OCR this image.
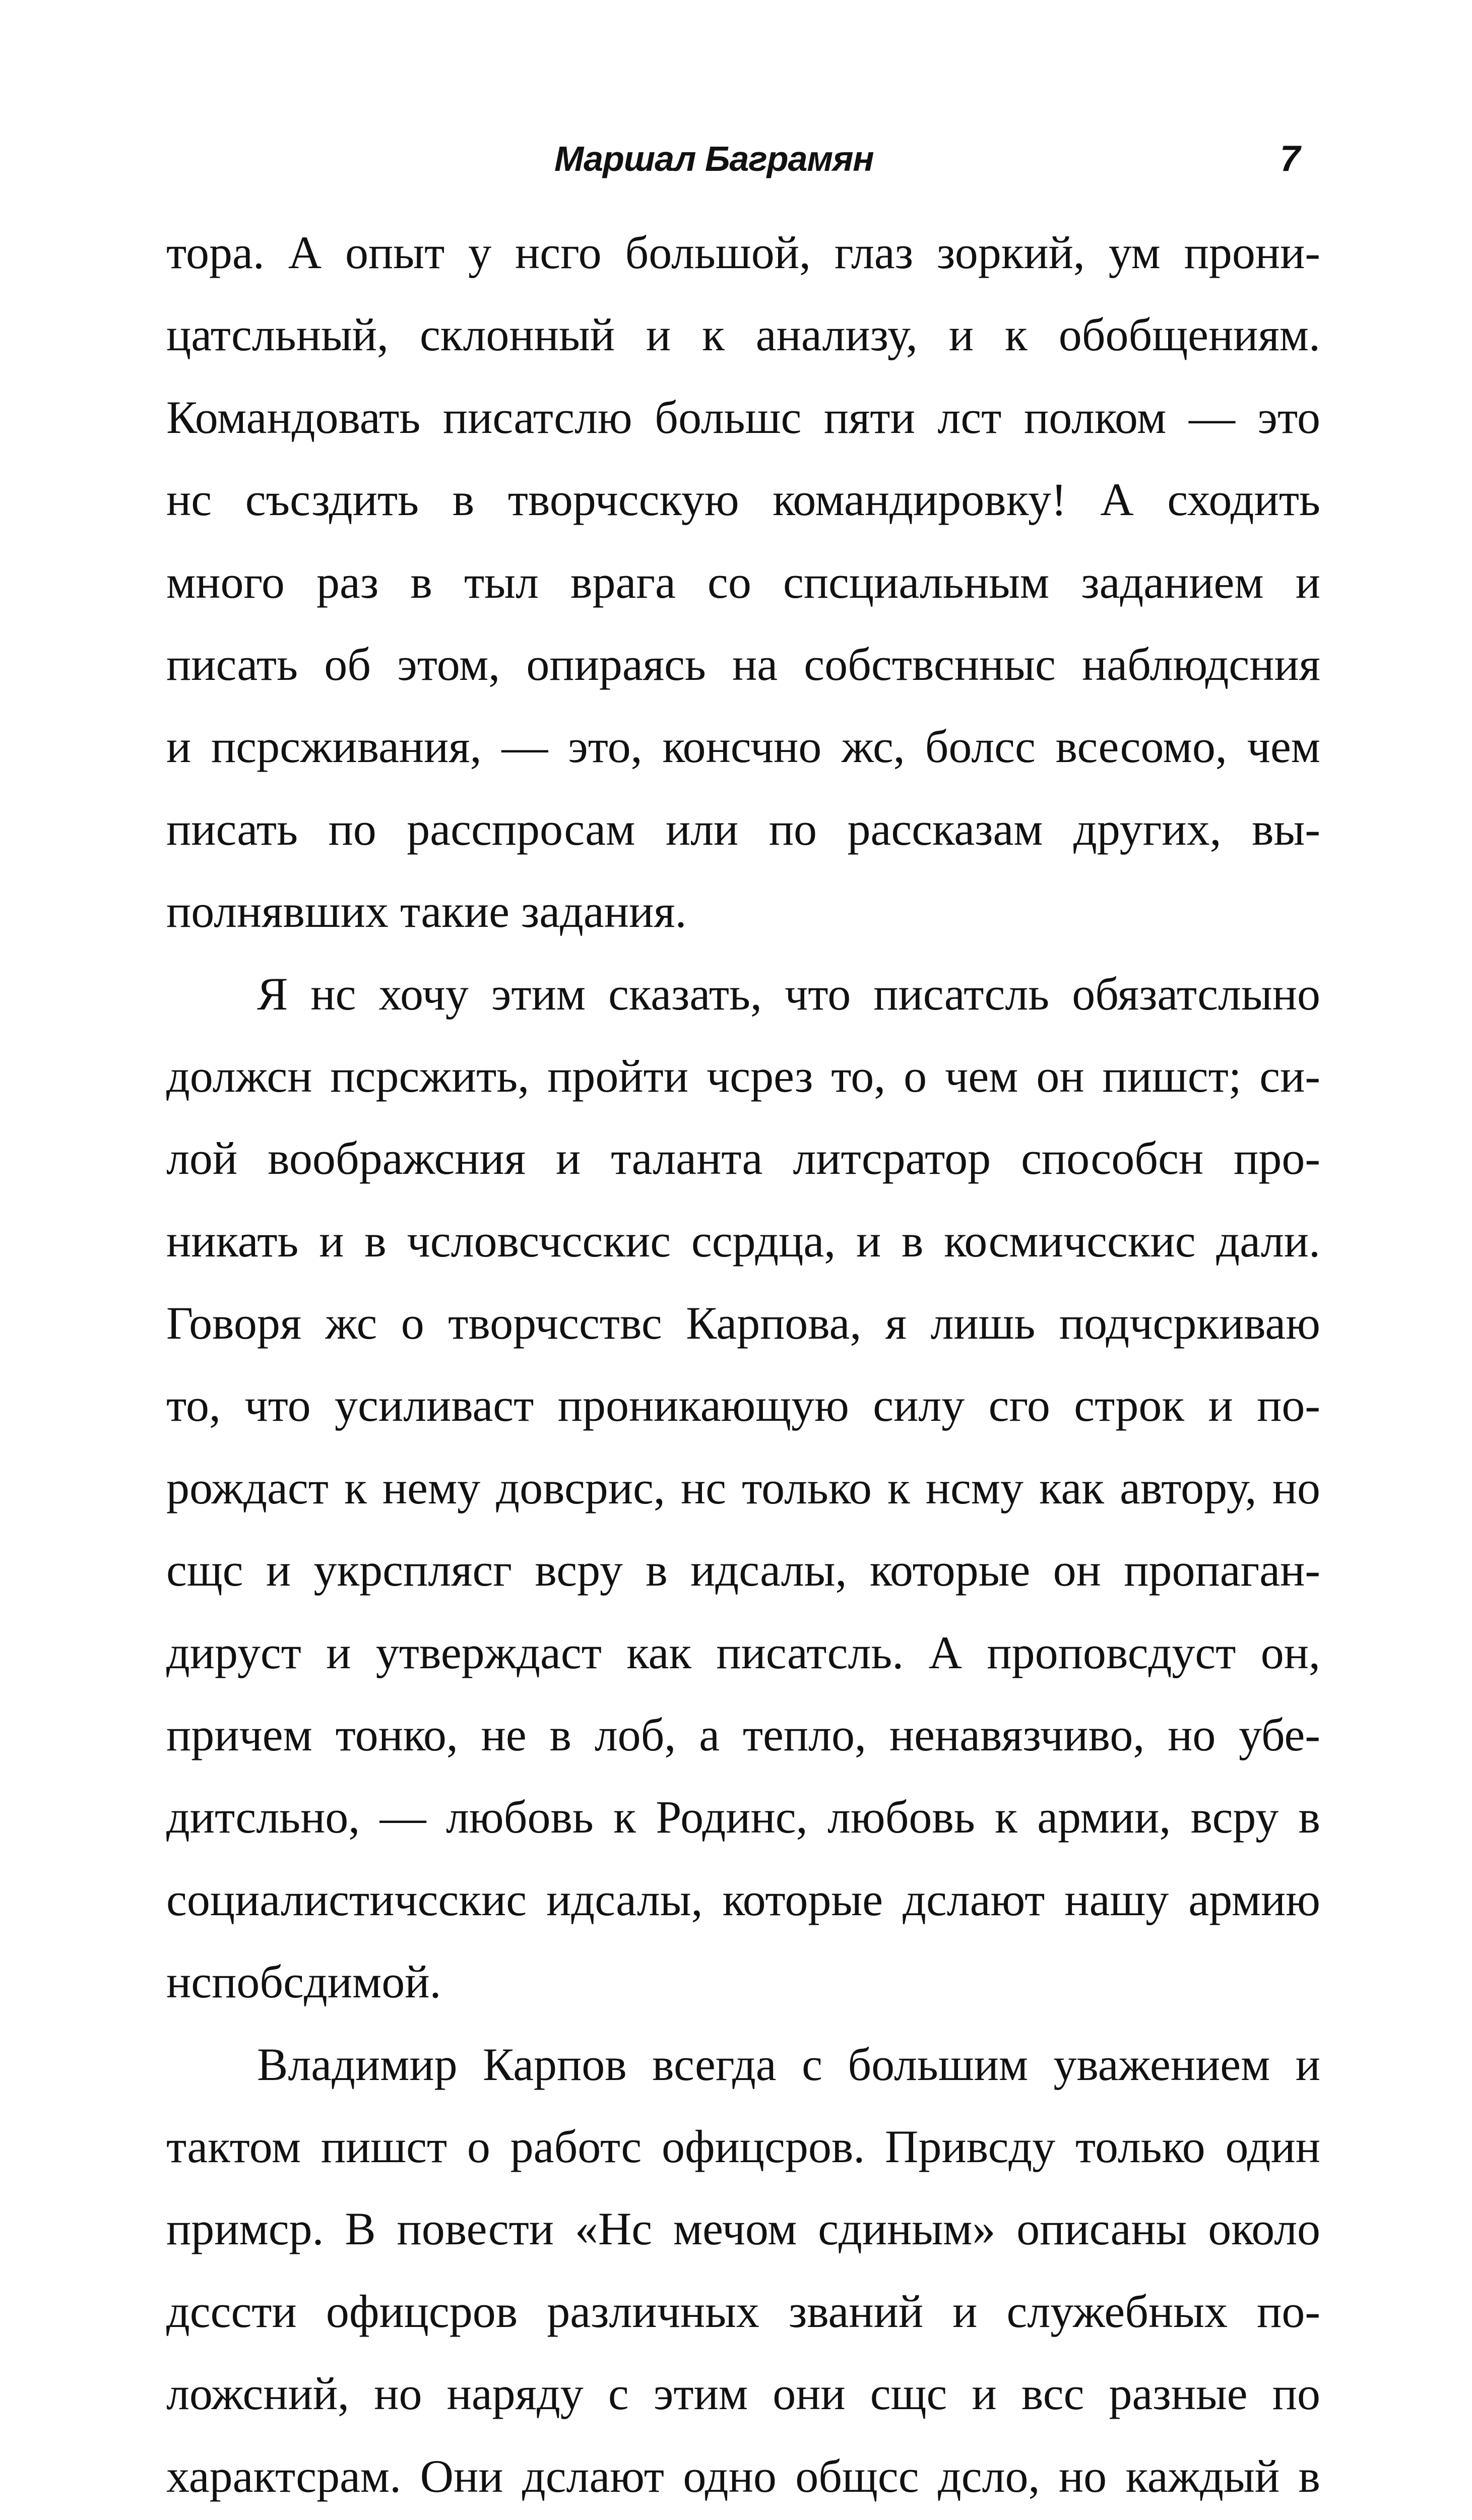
Маршал Баграмян	7
тора. А опыт у нсго большой, глаз зоркий, ум прони-
цатсльный, склонный и к анализу, и к обобщениям.
Командовать писатслю большс пяти лст полком — это
нс съсздить в творчсскую командировку! А сходить
много раз в тыл врага со спсциальным заданием и
писать об этом, опираясь на собствснныс наблюдсния
и псрсживания, — это, консчно жс, болсс всесомо, чем
писать по расспросам или по рассказам других, вы-
полнявших такие задания.
Я нс хочу этим сказать, что писатсль обязатслыно
должсн псрсжить, пройти чсрез то, о чем он пишст; си-
лой воображсния и таланта литсратор способсн про-
никать и в чсловсчсскис ссрдца, и в космичсскис дали.
Говоря жс о творчсствс Карпова, я лишь подчсркиваю
то, что усиливаст проникающую силу сго строк и по-
рождаст к нему довсрис, нс только к нсму как автору, но
сщс и укрсплясг всру в идсалы, которые он пропаган-
дируст и утверждаст как писатсль. А проповсдуст он,
причем тонко, не в лоб, а тепло, ненавязчиво, но убе-
дитсльно, — любовь к Родинс, любовь к армии, всру в
социалистичсскис идсалы, которые дслают нашу армию
нспобсдимой.
Владимир Карпов всегда с большим уважением и
тактом пишст о работс офицсров. Привсду только один
примср. В повести «Нс мечом сдиным» описаны около
дсссти офицсров различных званий и служебных по-
ложсний, но наряду с этим они сщс и всс разные по
характсрам. Они дслают одно общсс дсло, но каждый в
